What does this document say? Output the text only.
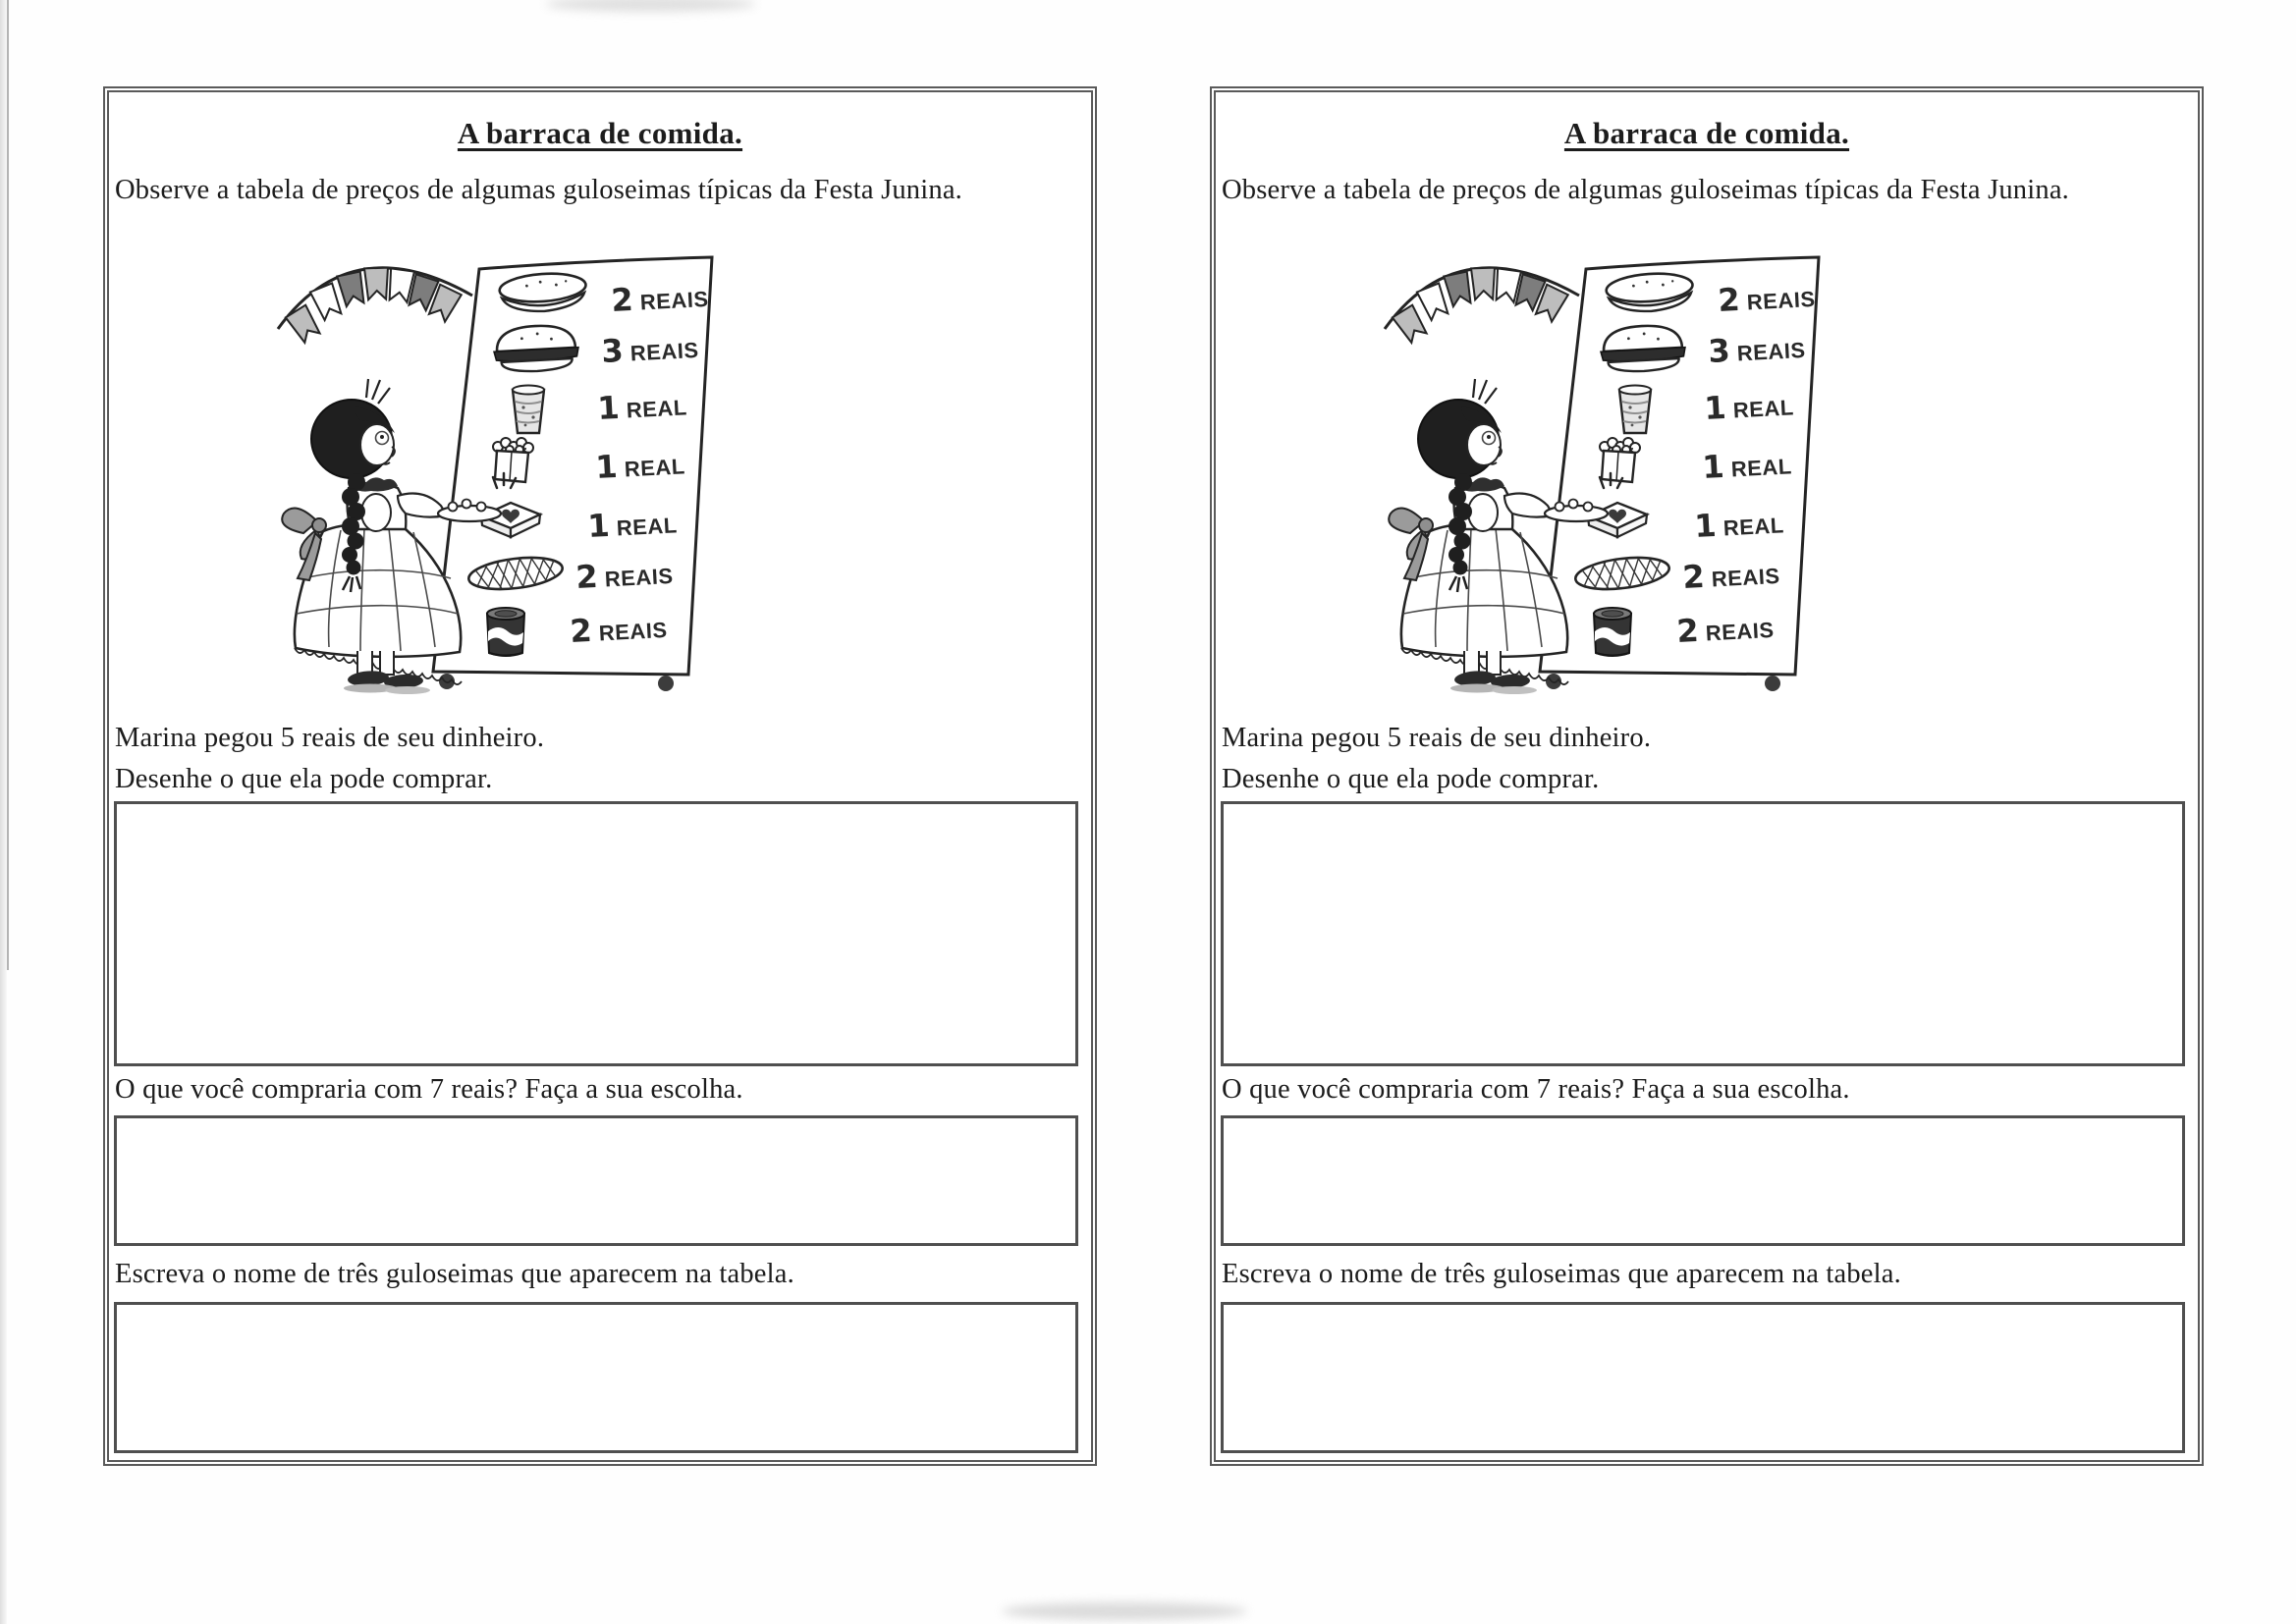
A barraca de comida.

Observe a tabela de preços de algumas guloseimas típicas da Festa Junina.

2 REAIS
3 REAIS
1 REAL
1 REAL
1 REAL
2 REAIS
2 REAIS

Marina pegou 5 reais de seu dinheiro.

Desenhe o que ela pode comprar.

O que você compraria com 7 reais? Faça a sua escolha.

Escreva o nome de três guloseimas que aparecem na tabela.

A barraca de comida.

Observe a tabela de preços de algumas guloseimas típicas da Festa Junina.

2 REAIS
3 REAIS
1 REAL
1 REAL
1 REAL
2 REAIS
2 REAIS

Marina pegou 5 reais de seu dinheiro.

Desenhe o que ela pode comprar.

O que você compraria com 7 reais? Faça a sua escolha.

Escreva o nome de três guloseimas que aparecem na tabela.
